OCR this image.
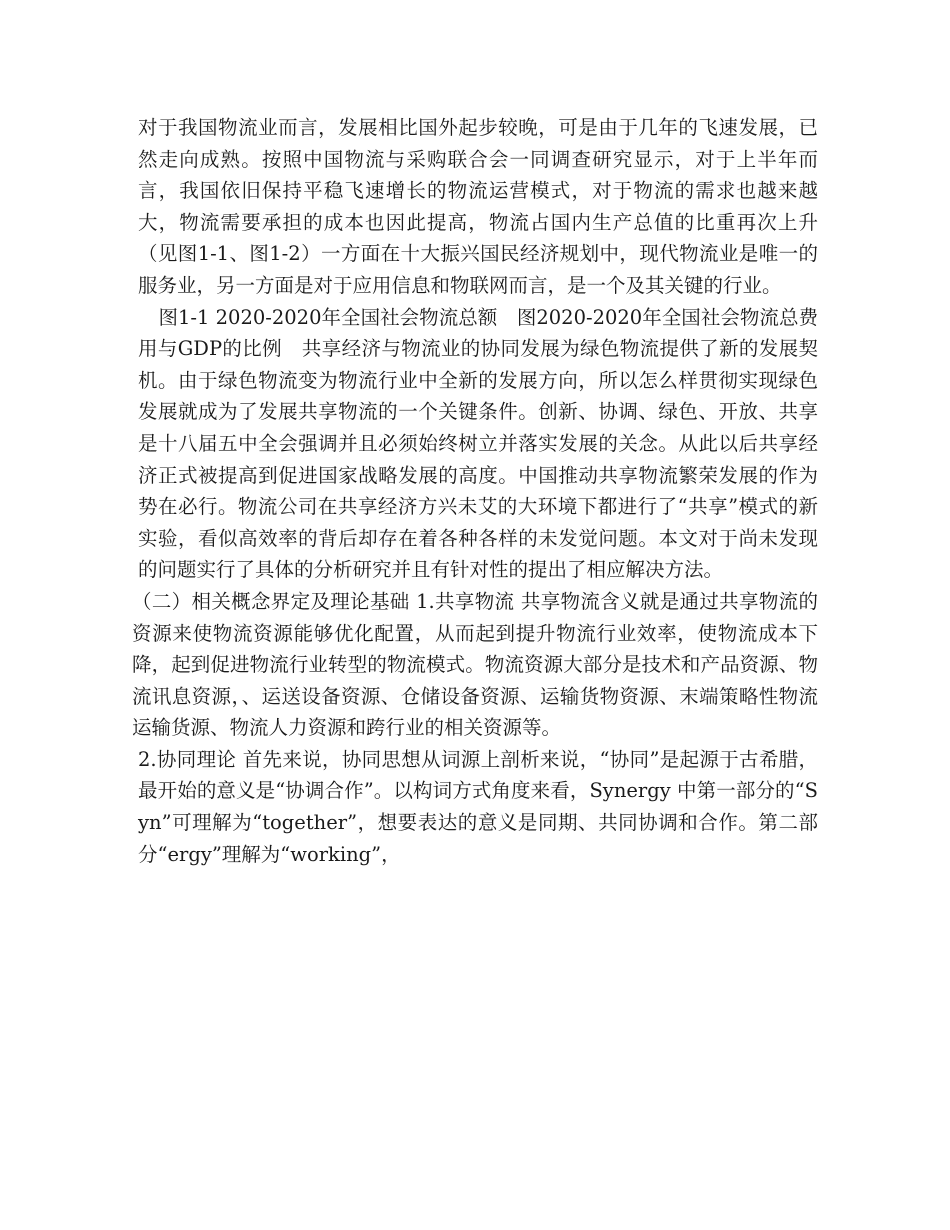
对于我国物流业而言，发展相比国外起步较晚，可是由于几年的飞速发展，已然走向成熟。按照中国物流与采购联合会一同调查研究显示，对于上半年而言，我国依旧保持平稳飞速增长的物流运营模式，对于物流的需求也越来越大，物流需要承担的成本也因此提高，物流占国内生产总值的比重再次上升（见图1-1、图1-2）一方面在十大振兴国民经济规划中，现代物流业是唯一的服务业，另一方面是对于应用信息和物联网而言，是一个及其关键的行业。

图1-1 2020-2020年全国社会物流总额　图2020-2020年全国社会物流总费用与GDP的比例　共享经济与物流业的协同发展为绿色物流提供了新的发展契机。由于绿色物流变为物流行业中全新的发展方向，所以怎么样贯彻实现绿色发展就成为了发展共享物流的一个关键条件。创新、协调、绿色、开放、共享是十八届五中全会强调并且必须始终树立并落实发展的关念。从此以后共享经济正式被提高到促进国家战略发展的高度。中国推动共享物流繁荣发展的作为势在必行。物流公司在共享经济方兴未艾的大环境下都进行了“共享”模式的新实验，看似高效率的背后却存在着各种各样的未发觉问题。本文对于尚未发现的问题实行了具体的分析研究并且有针对性的提出了相应解决方法。

（二）相关概念界定及理论基础 1.共享物流 共享物流含义就是通过共享物流的资源来使物流资源能够优化配置，从而起到提升物流行业效率，使物流成本下降，起到促进物流行业转型的物流模式。物流资源大部分是技术和产品资源、物流讯息资源，、运送设备资源、仓储设备资源、运输货物资源、末端策略性物流运输货源、物流人力资源和跨行业的相关资源等。

2.协同理论 首先来说，协同思想从词源上剖析来说，“协同”是起源于古希腊，最开始的意义是“协调合作”。以构词方式角度来看，Synergy 中第一部分的“Syn”可理解为“together”，想要表达的意义是同期、共同协调和合作。第二部分“ergy”理解为“working”，
